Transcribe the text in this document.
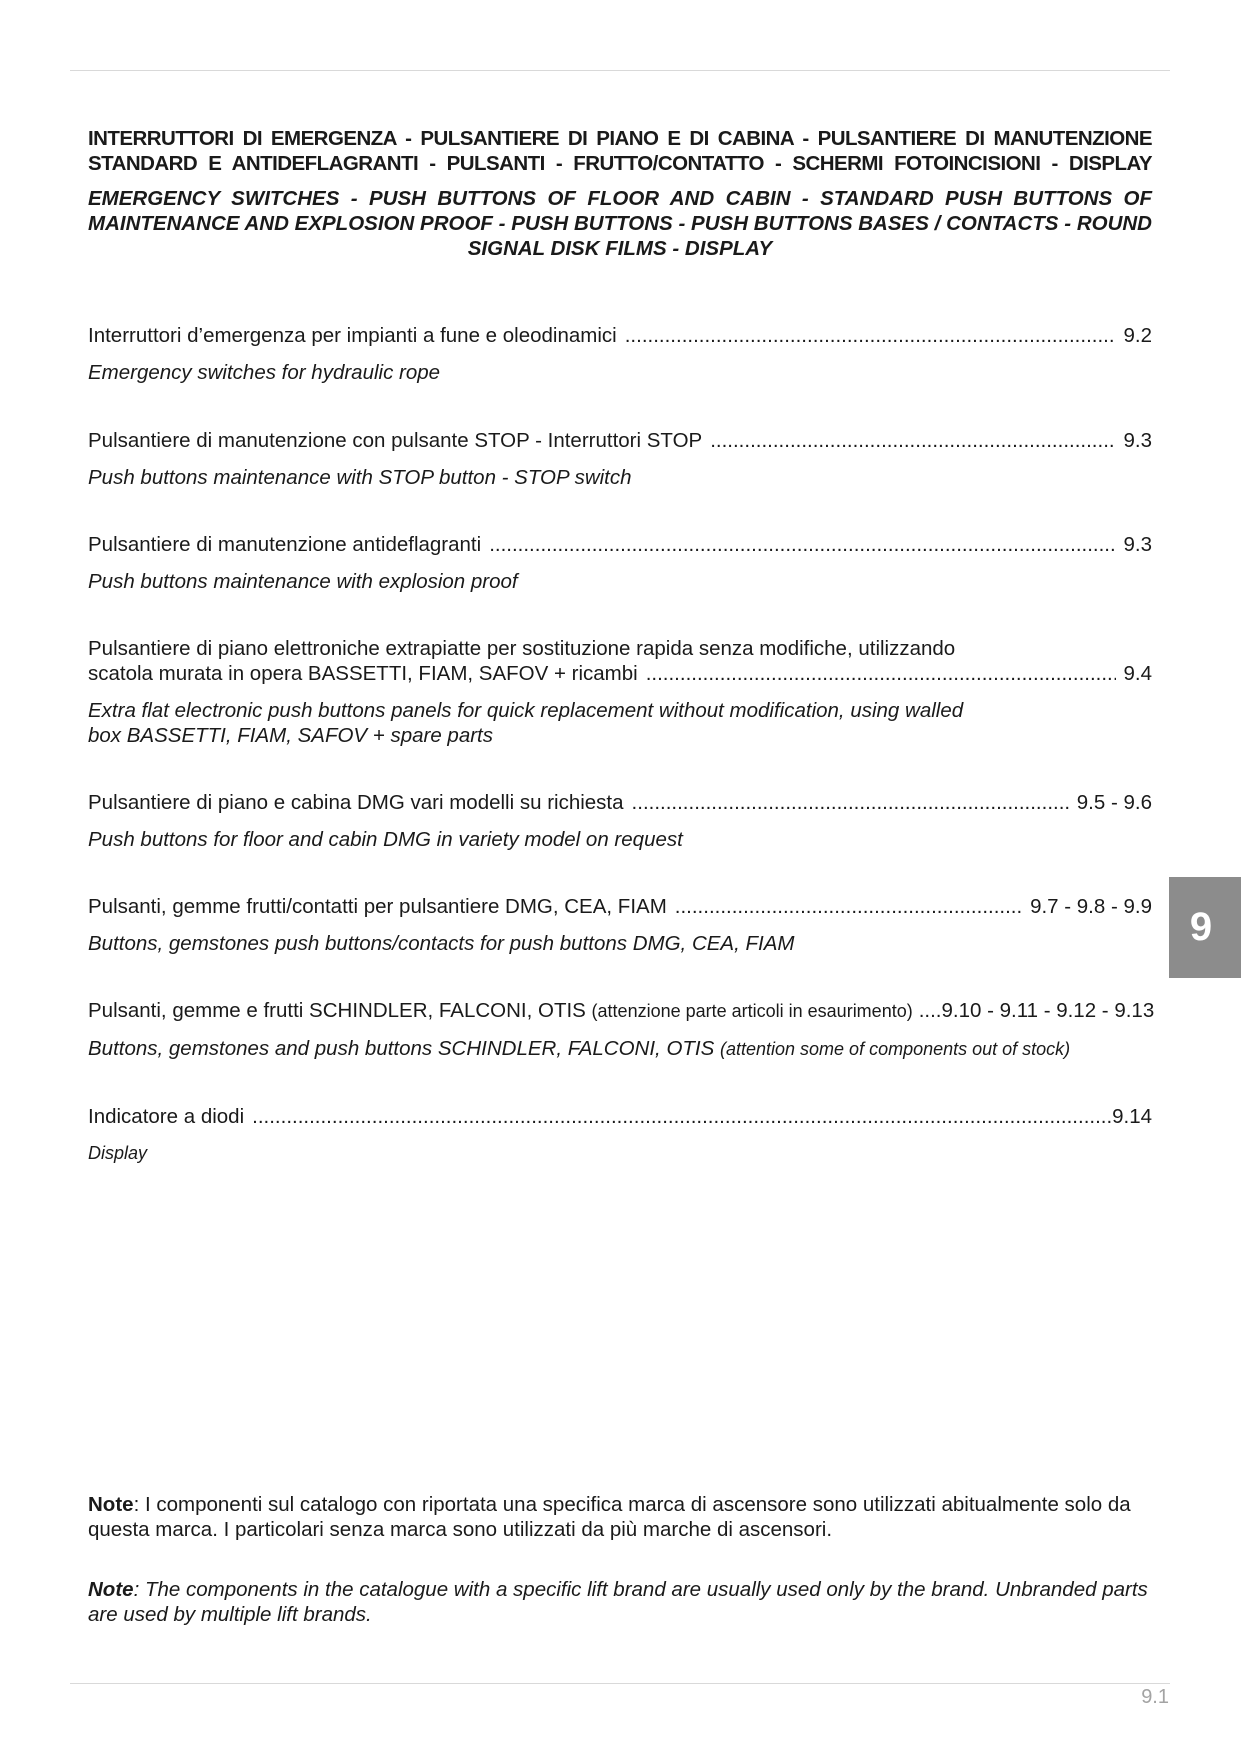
INTERRUTTORI DI EMERGENZA - PULSANTIERE DI PIANO E DI CABINA - PULSANTIERE DI MANUTENZIONE

STANDARD E ANTIDEFLAGRANTI - PULSANTI - FRUTTO/CONTATTO - SCHERMI FOTOINCISIONI - DISPLAY

EMERGENCY SWITCHES - PUSH BUTTONS OF FLOOR AND CABIN - STANDARD PUSH BUTTONS OF MAINTENANCE AND EXPLOSION PROOF - PUSH BUTTONS - PUSH BUTTONS BASES / CONTACTS - ROUND SIGNAL DISK FILMS - DISPLAY

Interruttori d’emergenza per impianti a fune e oleodinamici .....	9.2
Emergency switches for hydraulic rope
Pulsantiere di manutenzione con pulsante STOP - Interruttori STOP .....	9.3
Push buttons maintenance with STOP button - STOP switch
Pulsantiere di manutenzione antideflagranti .....	9.3
Push buttons maintenance with explosion proof
Pulsantiere di piano elettroniche extrapiatte per sostituzione rapida senza modifiche, utilizzando
scatola murata in opera BASSETTI, FIAM, SAFOV + ricambi .....	9.4
Extra flat electronic push buttons panels for quick replacement without modification, using walled
box BASSETTI, FIAM, SAFOV + spare parts
Pulsantiere di piano e cabina DMG vari modelli su richiesta .....	9.5 - 9.6
Push buttons for floor and cabin DMG in variety model on request
Pulsanti, gemme frutti/contatti per pulsantiere DMG, CEA, FIAM .....	9.7 - 9.8 - 9.9
Buttons, gemstones push buttons/contacts for push buttons DMG, CEA, FIAM
Pulsanti, gemme e frutti SCHINDLER, FALCONI, OTIS (attenzione parte articoli in esaurimento) ....9.10 - 9.11 - 9.12 - 9.13
Buttons, gemstones and push buttons SCHINDLER, FALCONI, OTIS (attention some of components out of stock)
Indicatore a diodi .....	9.14
Display
9

Note: I componenti sul catalogo con riportata una specifica marca di ascensore sono utilizzati abitualmente solo da questa marca. I particolari senza marca sono utilizzati da più marche di ascensori.

Note: The components in the catalogue with a specific lift brand are usually used only by the brand. Unbranded parts are used by multiple lift brands.

9.1
